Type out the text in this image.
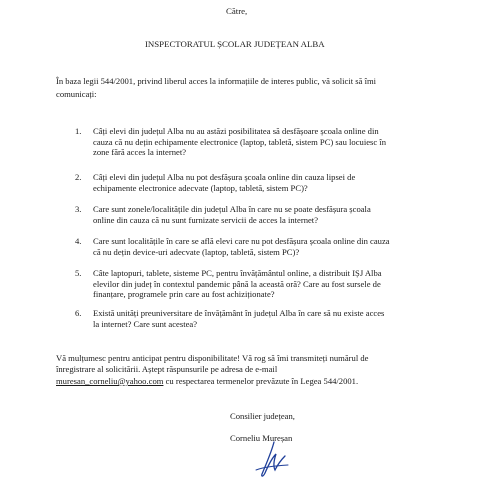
Către,
INSPECTORATUL ȘCOLAR JUDEȚEAN ALBA
În baza legii 544/2001, privind liberul acces la informațiile de interes public, vă solicit să îmi
comunicați:
1. Câți elevi din județul Alba nu au astăzi posibilitatea să desfășoare școala online din
cauza că nu dețin echipamente electronice (laptop, tabletă, sistem PC) sau locuiesc în
zone fără acces la internet?
2. Câți elevi din județul Alba nu pot desfășura școala online din cauza lipsei de
echipamente electronice adecvate (laptop, tabletă, sistem PC)?
3. Care sunt zonele/localitățile din județul Alba în care nu se poate desfășura școala
online din cauza că nu sunt furnizate servicii de acces la internet?
4. Care sunt localitățile în care se află elevi care nu pot desfășura școala online din cauza
că nu dețin device-uri adecvate (laptop, tabletă, sistem PC)?
5. Câte laptopuri, tablete, sisteme PC, pentru învățământul online, a distribuit IȘJ Alba
elevilor din județ în contextul pandemic până la această oră? Care au fost sursele de
finanțare, programele prin care au fost achiziționate?
6. Există unități preuniversitare de învățământ în județul Alba în care să nu existe acces
la internet? Care sunt acestea?
Vă mulțumesc pentru anticipat pentru disponibilitate! Vă rog să îmi transmiteți numărul de
înregistrare al solicitării. Aștept răspunsurile pe adresa de e-mail
muresan_corneliu@yahoo.com cu respectarea termenelor prevăzute în Legea 544/2001.
Consilier județean,
Corneliu Mureșan
